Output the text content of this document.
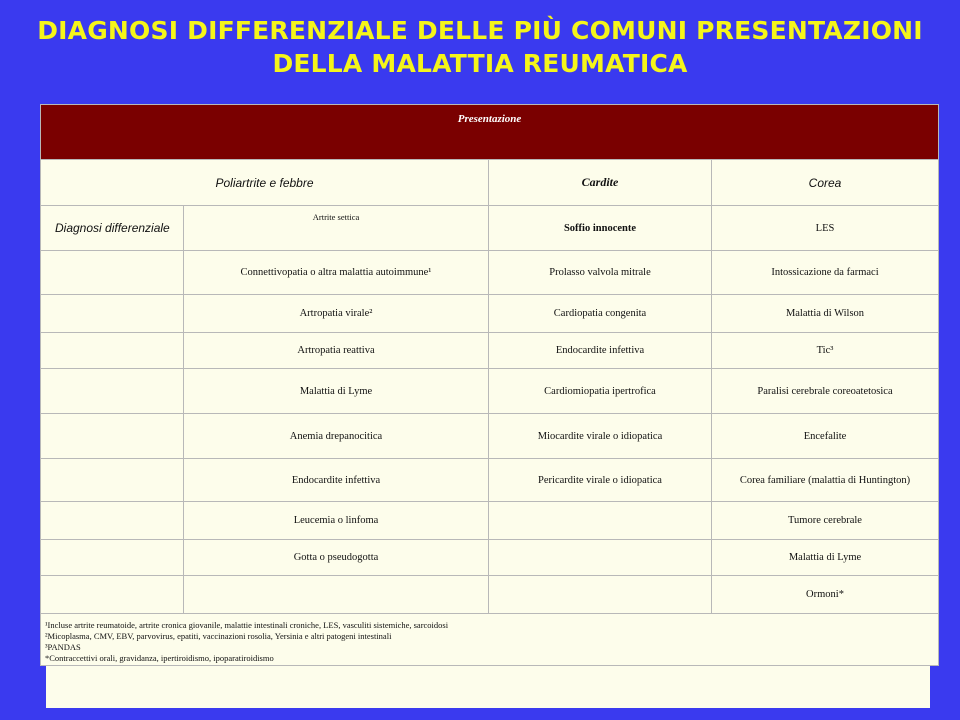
DIAGNOSI DIFFERENZIALE DELLE PIÙ COMUNI PRESENTAZIONI
DELLA MALATTIA REUMATICA
Presentazione			
Poliartrite e febbre		Cardite	Corea
Diagnosi differenziale	Artrite settica	Soffio innocente	LES
	Connettivopatia o altra malattia autoimmune¹	Prolasso valvola mitrale	Intossicazione da farmaci
	Artropatia virale²	Cardiopatia congenita	Malattia di Wilson
	Artropatia reattiva	Endocardite infettiva	Tic³
	Malattia di Lyme	Cardiomiopatia ipertrofica	Paralisi cerebrale coreoatetosica
	Anemia drepanocitica	Miocardite virale o idiopatica	Encefalite
	Endocardite infettiva	Pericardite virale o idiopatica	Corea familiare (malattia di Huntington)
	Leucemia o linfoma		Tumore cerebrale
	Gotta o pseudogotta		Malattia di Lyme
			Ormoni*

¹Incluse artrite reumatoide, artrite cronica giovanile, malattie intestinali croniche, LES, vasculiti sistemiche, sarcoidosi
²Micoplasma, CMV, EBV, parvovirus, epatiti, vaccinazioni rosolia, Yersinia e altri patogeni intestinali
³PANDAS
*Contraccettivi orali, gravidanza, ipertiroidismo, ipoparatiroidismo			
